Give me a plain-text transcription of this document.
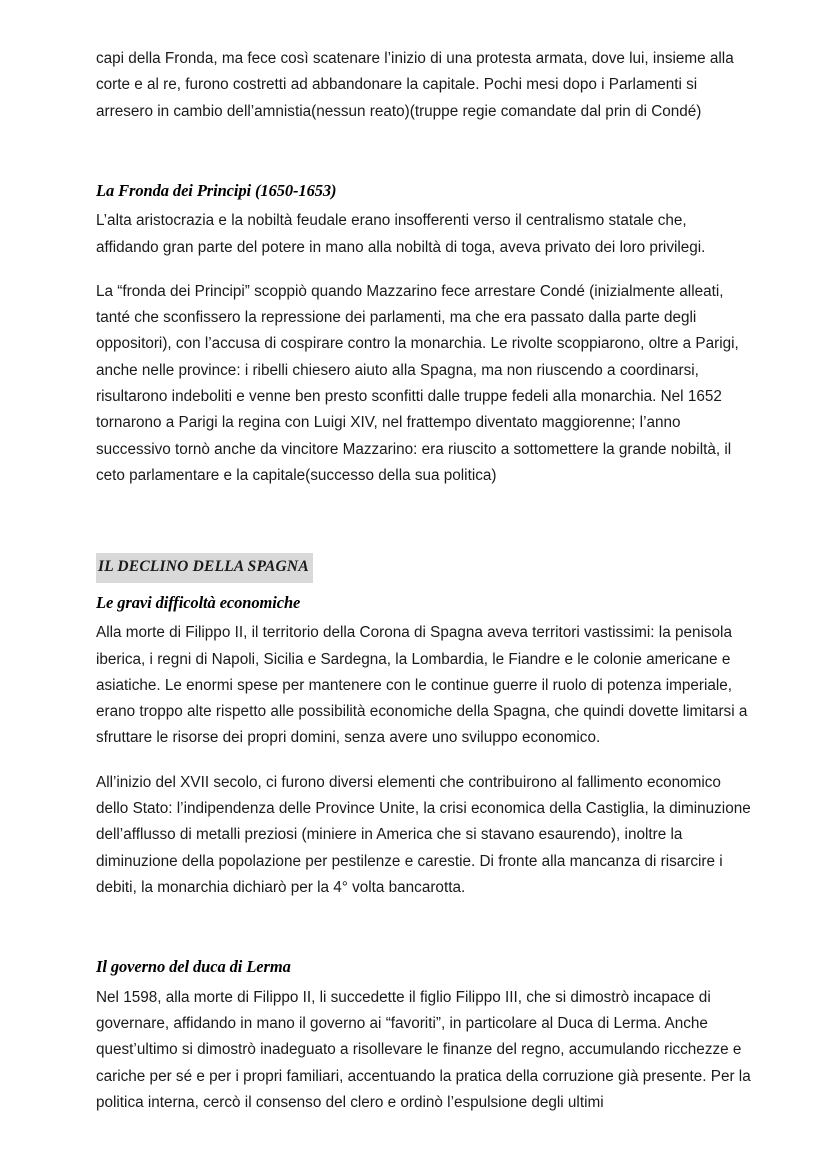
capi della Fronda, ma fece così scatenare l’inizio di una protesta armata, dove lui, insieme alla corte e al re, furono costretti ad abbandonare la capitale. Pochi mesi dopo i Parlamenti si arresero in cambio dell’amnistia(nessun reato)(truppe regie comandate dal prin di Condé)

La Fronda dei Principi (1650-1653)

L’alta aristocrazia e la nobiltà feudale erano insofferenti verso il centralismo statale che, affidando gran parte del potere in mano alla nobiltà di toga, aveva privato dei loro privilegi.

La “fronda dei Principi” scoppiò quando Mazzarino fece arrestare Condé (inizialmente alleati, tanté che sconfissero la repressione dei parlamenti, ma che era passato dalla parte degli oppositori), con l’accusa di cospirare contro la monarchia. Le rivolte scoppiarono, oltre a Parigi, anche nelle province: i ribelli chiesero aiuto alla Spagna, ma non riuscendo a coordinarsi, risultarono indeboliti e venne ben presto sconfitti dalle truppe fedeli alla monarchia. Nel 1652 tornarono a Parigi la regina con Luigi XIV, nel frattempo diventato maggiorenne; l’anno successivo tornò anche da vincitore Mazzarino: era riuscito a sottomettere la grande nobiltà, il ceto parlamentare e la capitale(successo della sua politica)

IL DECLINO DELLA SPAGNA
Le gravi difficoltà economiche

Alla morte di Filippo II, il territorio della Corona di Spagna aveva territori vastissimi: la penisola iberica, i regni di Napoli, Sicilia e Sardegna, la Lombardia, le Fiandre e le colonie americane e asiatiche. Le enormi spese per mantenere con le continue guerre il ruolo di potenza imperiale, erano troppo alte rispetto alle possibilità economiche della Spagna, che quindi dovette limitarsi a sfruttare le risorse dei propri domini, senza avere uno sviluppo economico.

All’inizio del XVII secolo, ci furono diversi elementi che contribuirono al fallimento economico dello Stato: l’indipendenza delle Province Unite, la crisi economica della Castiglia, la diminuzione dell’afflusso di metalli preziosi (miniere in America che si stavano esaurendo), inoltre la diminuzione della popolazione per pestilenze e carestie. Di fronte alla mancanza di risarcire i debiti, la monarchia dichiarò per la 4° volta bancarotta.

Il governo del duca di Lerma

Nel 1598, alla morte di Filippo II, li succedette il figlio Filippo III, che si dimostrò incapace di governare, affidando in mano il governo ai “favoriti”, in particolare al Duca di Lerma. Anche quest’ultimo si dimostrò inadeguato a risollevare le finanze del regno, accumulando ricchezze e cariche per sé e per i propri familiari, accentuando la pratica della corruzione già presente. Per la politica interna, cercò il consenso del clero e ordinò l’espulsione degli ultimi
